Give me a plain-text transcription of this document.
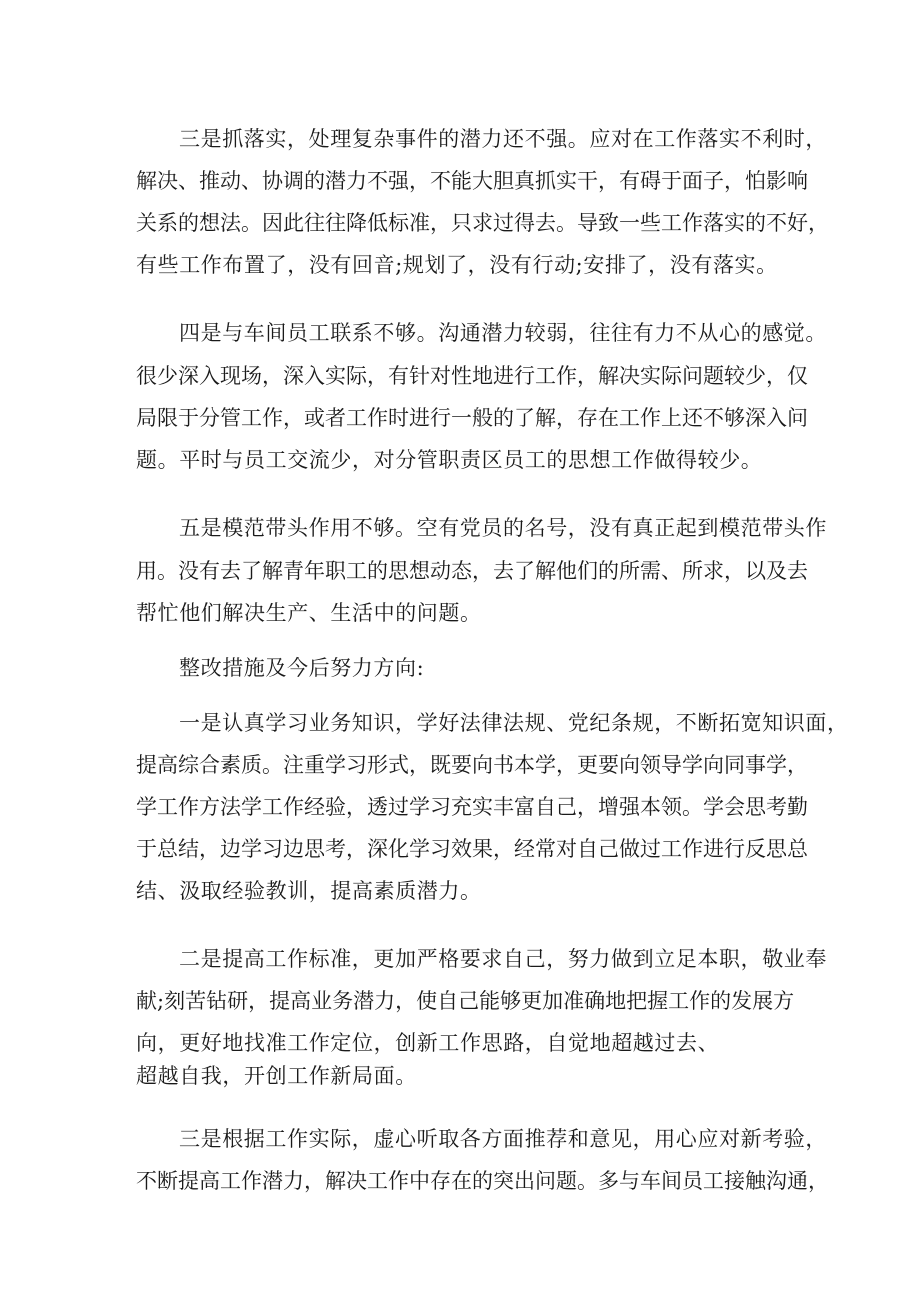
三是抓落实，处理复杂事件的潜力还不强。应对在工作落实不利时，

解决、推动、协调的潜力不强，不能大胆真抓实干，有碍于面子，怕影响

关系的想法。因此往往降低标准，只求过得去。导致一些工作落实的不好，

有些工作布置了，没有回音;规划了，没有行动;安排了，没有落实。

四是与车间员工联系不够。沟通潜力较弱，往往有力不从心的感觉。

很少深入现场，深入实际，有针对性地进行工作，解决实际问题较少，仅

局限于分管工作，或者工作时进行一般的了解，存在工作上还不够深入问

题。平时与员工交流少，对分管职责区员工的思想工作做得较少。

五是模范带头作用不够。空有党员的名号，没有真正起到模范带头作

用。没有去了解青年职工的思想动态，去了解他们的所需、所求，以及去

帮忙他们解决生产、生活中的问题。

整改措施及今后努力方向:

一是认真学习业务知识，学好法律法规、党纪条规，不断拓宽知识面，

提高综合素质。注重学习形式，既要向书本学，更要向领导学向同事学，

学工作方法学工作经验，透过学习充实丰富自己，增强本领。学会思考勤

于总结，边学习边思考，深化学习效果，经常对自己做过工作进行反思总

结、汲取经验教训，提高素质潜力。

二是提高工作标准，更加严格要求自己，努力做到立足本职，敬业奉

献;刻苦钻研，提高业务潜力，使自己能够更加准确地把握工作的发展方

向，更好地找准工作定位，创新工作思路，自觉地超越过去、

超越自我，开创工作新局面。

三是根据工作实际，虚心听取各方面推荐和意见，用心应对新考验，

不断提高工作潜力，解决工作中存在的突出问题。多与车间员工接触沟通，
